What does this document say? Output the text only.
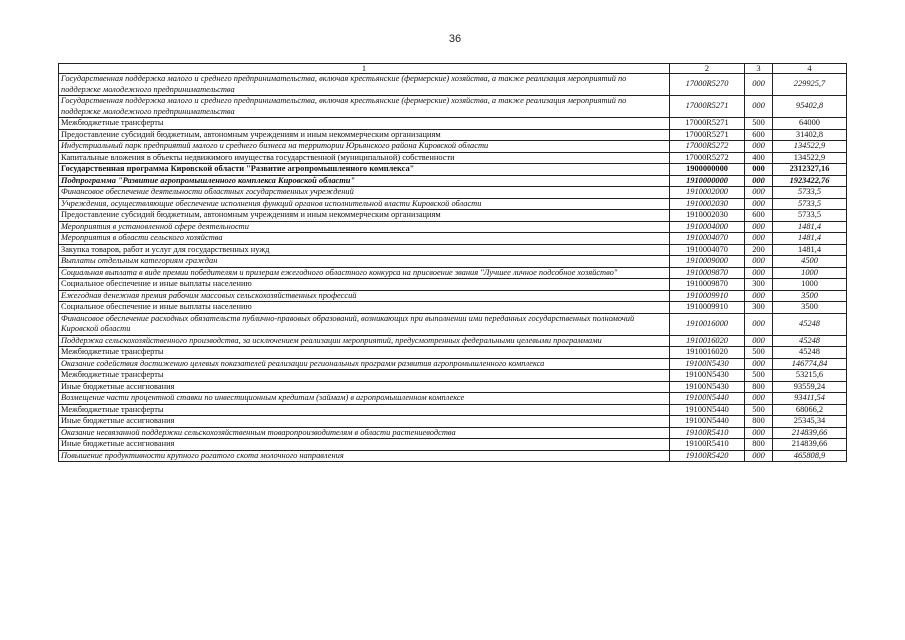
36
1	2	3	4
Государственная поддержка малого и среднего предпринимательства, включая крестьянские (фермерские) хозяйства, а также реализация мероприятий по поддержке молодежного предпринимательства	17000R5270	000	229925,7
Государственная поддержка малого и среднего предпринимательства, включая крестьянские (фермерские) хозяйства, а также реализация мероприятий по поддержке молодежного предпринимательства	17000R5271	000	95402,8
Межбюджетные трансферты	17000R5271	500	64000
Предоставление субсидий бюджетным, автономным учреждениям и иным некоммерческим организациям	17000R5271	600	31402,8
Индустриальный парк предприятий малого и среднего бизнеса на территории Юрьянского района Кировской области	17000R5272	000	134522,9
Капитальные вложения в объекты недвижимого имущества государственной (муниципальной) собственности	17000R5272	400	134522,9
Государственная программа Кировской области "Развитие агропромышленного комплекса"	1900000000	000	2312327,16
Подпрограмма "Развитие агропромышленного комплекса Кировской области"	1910000000	000	1923422,76
Финансовое обеспечение деятельности областных государственных учреждений	1910002000	000	5733,5
Учреждения, осуществляющие обеспечение исполнения функций органов исполнительной власти Кировской области	1910002030	000	5733,5
Предоставление субсидий бюджетным, автономным учреждениям и иным некоммерческим организациям	1910002030	600	5733,5
Мероприятия в установленной сфере деятельности	1910004000	000	1481,4
Мероприятия в области сельского хозяйства	1910004070	000	1481,4
Закупка товаров, работ и услуг для государственных нужд	1910004070	200	1481,4
Выплаты отдельным категориям граждан	1910009000	000	4500
Социальная выплата в виде премии победителям и призерам ежегодного областного конкурса на присвоение звания "Лучшее личное подсобное хозяйство"	1910009870	000	1000
Социальное обеспечение и иные выплаты населению	1910009870	300	1000
Ежегодная денежная премия рабочим массовых сельскохозяйственных профессий	1910009910	000	3500
Социальное обеспечение и иные выплаты населению	1910009910	300	3500
Финансовое обеспечение расходных обязательств публично-правовых образований, возникающих при выполнении ими переданных государственных полномочий Кировской области	1910016000	000	45248
Поддержка сельскохозяйственного производства, за исключением реализации мероприятий, предусмотренных федеральными целевыми программами	1910016020	000	45248
Межбюджетные трансферты	1910016020	500	45248
Оказание содействия достижению целевых показателей реализации региональных программ развития агропромышленного комплекса	19100N5430	000	146774,84
Межбюджетные трансферты	19100N5430	500	53215,6
Иные бюджетные ассигнования	19100N5430	800	93559,24
Возмещение части процентной ставки по инвестиционным кредитам (займам) в агропромышленном комплексе	19100N5440	000	93411,54
Межбюджетные трансферты	19100N5440	500	68066,2
Иные бюджетные ассигнования	19100N5440	800	25345,34
Оказание несвязанной поддержки сельскохозяйственным товаропроизводителям в области растениеводства	19100R5410	000	214839,66
Иные бюджетные ассигнования	19100R5410	800	214839,66
Повышение продуктивности крупного рогатого скота молочного направления	19100R5420	000	465808,9
